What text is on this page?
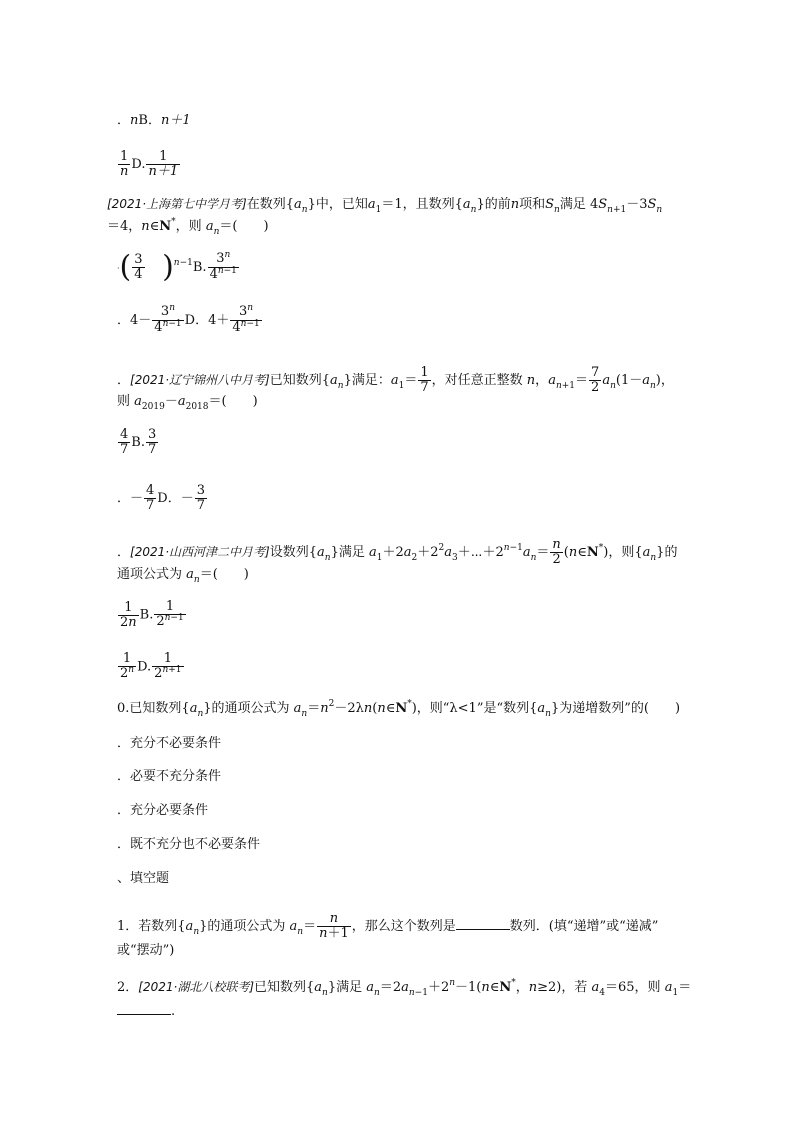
．nB．n＋1
$\frac{1}{n} D$. $\frac{1}{n+1}$
[2021·上海第七中学月考]在数列$\{a_n\}$中，已知$a_1=1$，且数列$\{a_n\}$的前n项和$S_n$满足 $4S_{n+1}-3S_n$
＝4，n∈N*，则 $a_n=$(　　)
·( $\frac{3}{4} )^{n-1}B$. $\frac{3^n}{4^{n-1}}$
．$4- \frac{3^n}{4^{n-1}}$ D．$4+ \frac{3^n}{4^{n-1}}$
．[2021·辽宁锦州八中月考]已知数列$\{a_n\}$满足：$a_1= \frac{1}{7}$ ，对任意正整数 n，$a_{n+1}= \frac{7}{2} a_n(1-a_n)$，
则 $a_{2019}-a_{2018}=$(　　)
$\frac{4}{7} B$. $\frac{3}{7}$
．－ $\frac{4}{7}$ D．－ $\frac{3}{7}$
．[2021·山西河津二中月考]设数列$\{a_n\}$满足 $a_1+2a_2+2^2a_3+\cdots+2^{n-1}a_n= \frac{n}{2}$ (n∈N*)，则$\{a_n\}$的
通项公式为 $a_n=$(　　)
$\frac{1}{2n} B$. $\frac{1}{2^{n-1}}$
$\frac{1}{2^n} D$. $\frac{1}{2^{n+1}}$
0.已知数列$\{a_n\}$的通项公式为 $a_n=n^2-2\lambda n(n\in N^*)$，则“λ<1”是“数列$\{a_n\}$为递增数列”的(　　)
．充分不必要条件
．必要不充分条件
．充分必要条件
．既不充分也不必要条件
、填空题
1．若数列$\{a_n\}$的通项公式为 $a_n= \frac{n}{n+1}$ ，那么这个数列是	数列．(填“递增”或“递减”
或“摆动”)
2．[2021·湖北八校联考]已知数列$\{a_n\}$满足 $a_n=2a_{n-1}+2^n-1(n\in N^*$，n≥2)，若 $a_4=65$，则 $a_1=$
.
